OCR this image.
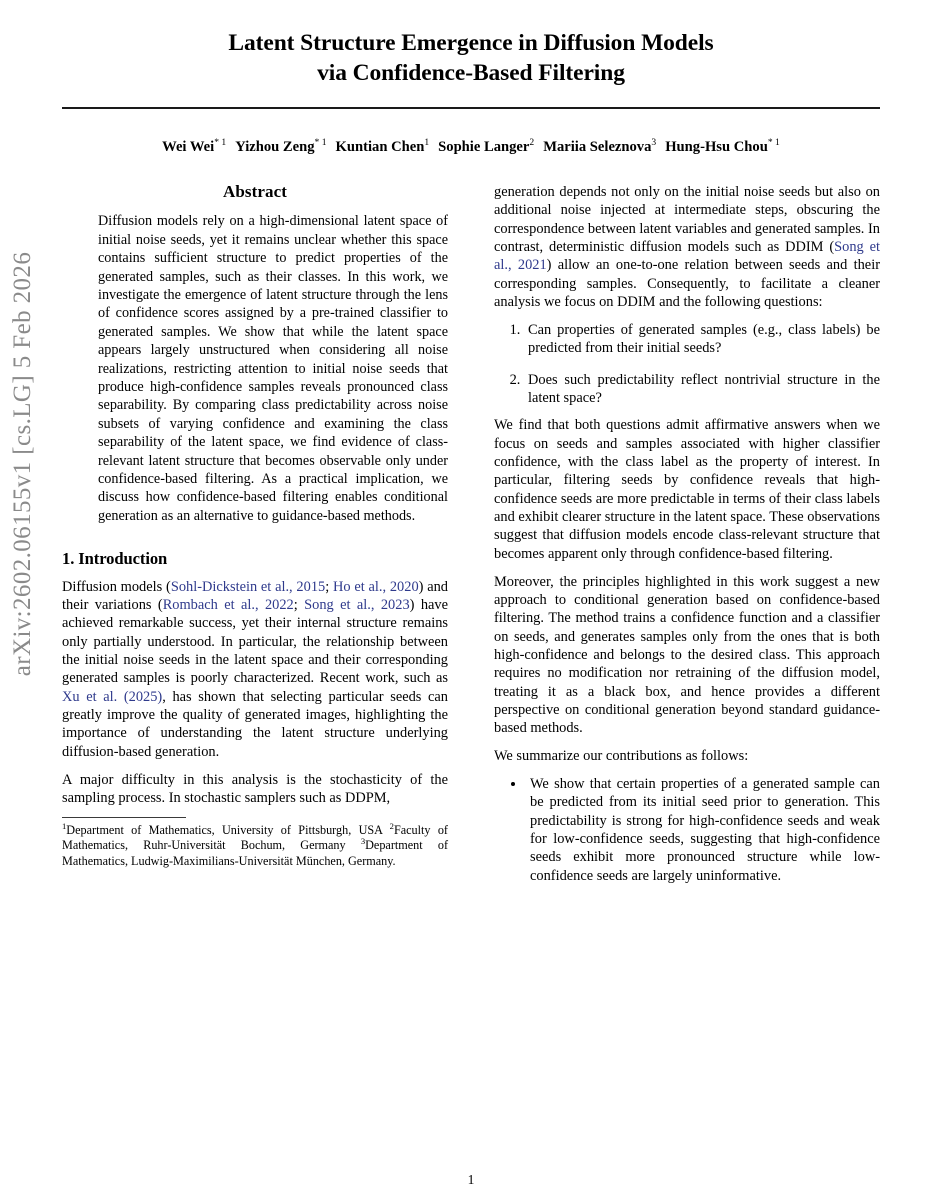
arXiv:2602.06155v1 [cs.LG] 5 Feb 2026
Latent Structure Emergence in Diffusion Models
via Confidence-Based Filtering
Wei Wei$^{* 1}$ Yizhou Zeng$^{* 1}$ Kuntian Chen$^1$ Sophie Langer$^2$ Mariia Seleznova$^3$ Hung-Hsu Chou$^{* 1}$
Abstract

Diffusion models rely on a high-dimensional latent space of initial noise seeds, yet it remains unclear whether this space contains sufficient structure to predict properties of the generated samples, such as their classes. In this work, we investigate the emergence of latent structure through the lens of confidence scores assigned by a pre-trained classifier to generated samples. We show that while the latent space appears largely unstructured when considering all noise realizations, restricting attention to initial noise seeds that produce high-confidence samples reveals pronounced class separability. By comparing class predictability across noise subsets of varying confidence and examining the class separability of the latent space, we find evidence of class-relevant latent structure that becomes observable only under confidence-based filtering. As a practical implication, we discuss how confidence-based filtering enables conditional generation as an alternative to guidance-based methods.

1. Introduction

Diffusion models (Sohl-Dickstein et al., 2015; Ho et al., 2020) and their variations (Rombach et al., 2022; Song et al., 2023) have achieved remarkable success, yet their internal structure remains only partially understood. In particular, the relationship between the initial noise seeds in the latent space and their corresponding generated samples is poorly characterized. Recent work, such as Xu et al. (2025), has shown that selecting particular seeds can greatly improve the quality of generated images, highlighting the importance of understanding the latent structure underlying diffusion-based generation.

A major difficulty in this analysis is the stochasticity of the sampling process. In stochastic samplers such as DDPM,

$^1$Department of Mathematics, University of Pittsburgh, USA $^2$Faculty of Mathematics, Ruhr-Universität Bochum, Germany $^3$Department of Mathematics, Ludwig-Maximilians-Universität München, Germany.

generation depends not only on the initial noise seeds but also on additional noise injected at intermediate steps, obscuring the correspondence between latent variables and generated samples. In contrast, deterministic diffusion models such as DDIM (Song et al., 2021) allow an one-to-one relation between seeds and their corresponding samples. Consequently, to facilitate a cleaner analysis we focus on DDIM and the following questions:

1. Can properties of generated samples (e.g., class labels) be predicted from their initial seeds?
2. Does such predictability reflect nontrivial structure in the latent space?

We find that both questions admit affirmative answers when we focus on seeds and samples associated with higher classifier confidence, with the class label as the property of interest. In particular, filtering seeds by confidence reveals that high-confidence seeds are more predictable in terms of their class labels and exhibit clearer structure in the latent space. These observations suggest that diffusion models encode class-relevant structure that becomes apparent only through confidence-based filtering.

Moreover, the principles highlighted in this work suggest a new approach to conditional generation based on confidence-based filtering. The method trains a confidence function and a classifier on seeds, and generates samples only from the ones that is both high-confidence and belongs to the desired class. This approach requires no modification nor retraining of the diffusion model, treating it as a black box, and hence provides a different perspective on conditional generation beyond standard guidance-based methods.

We summarize our contributions as follows:

• We show that certain properties of a generated sample can be predicted from its initial seed prior to generation. This predictability is strong for high-confidence seeds and weak for low-confidence seeds, suggesting that high-confidence seeds exhibit more pronounced structure while low-confidence seeds are largely uninformative.
1
